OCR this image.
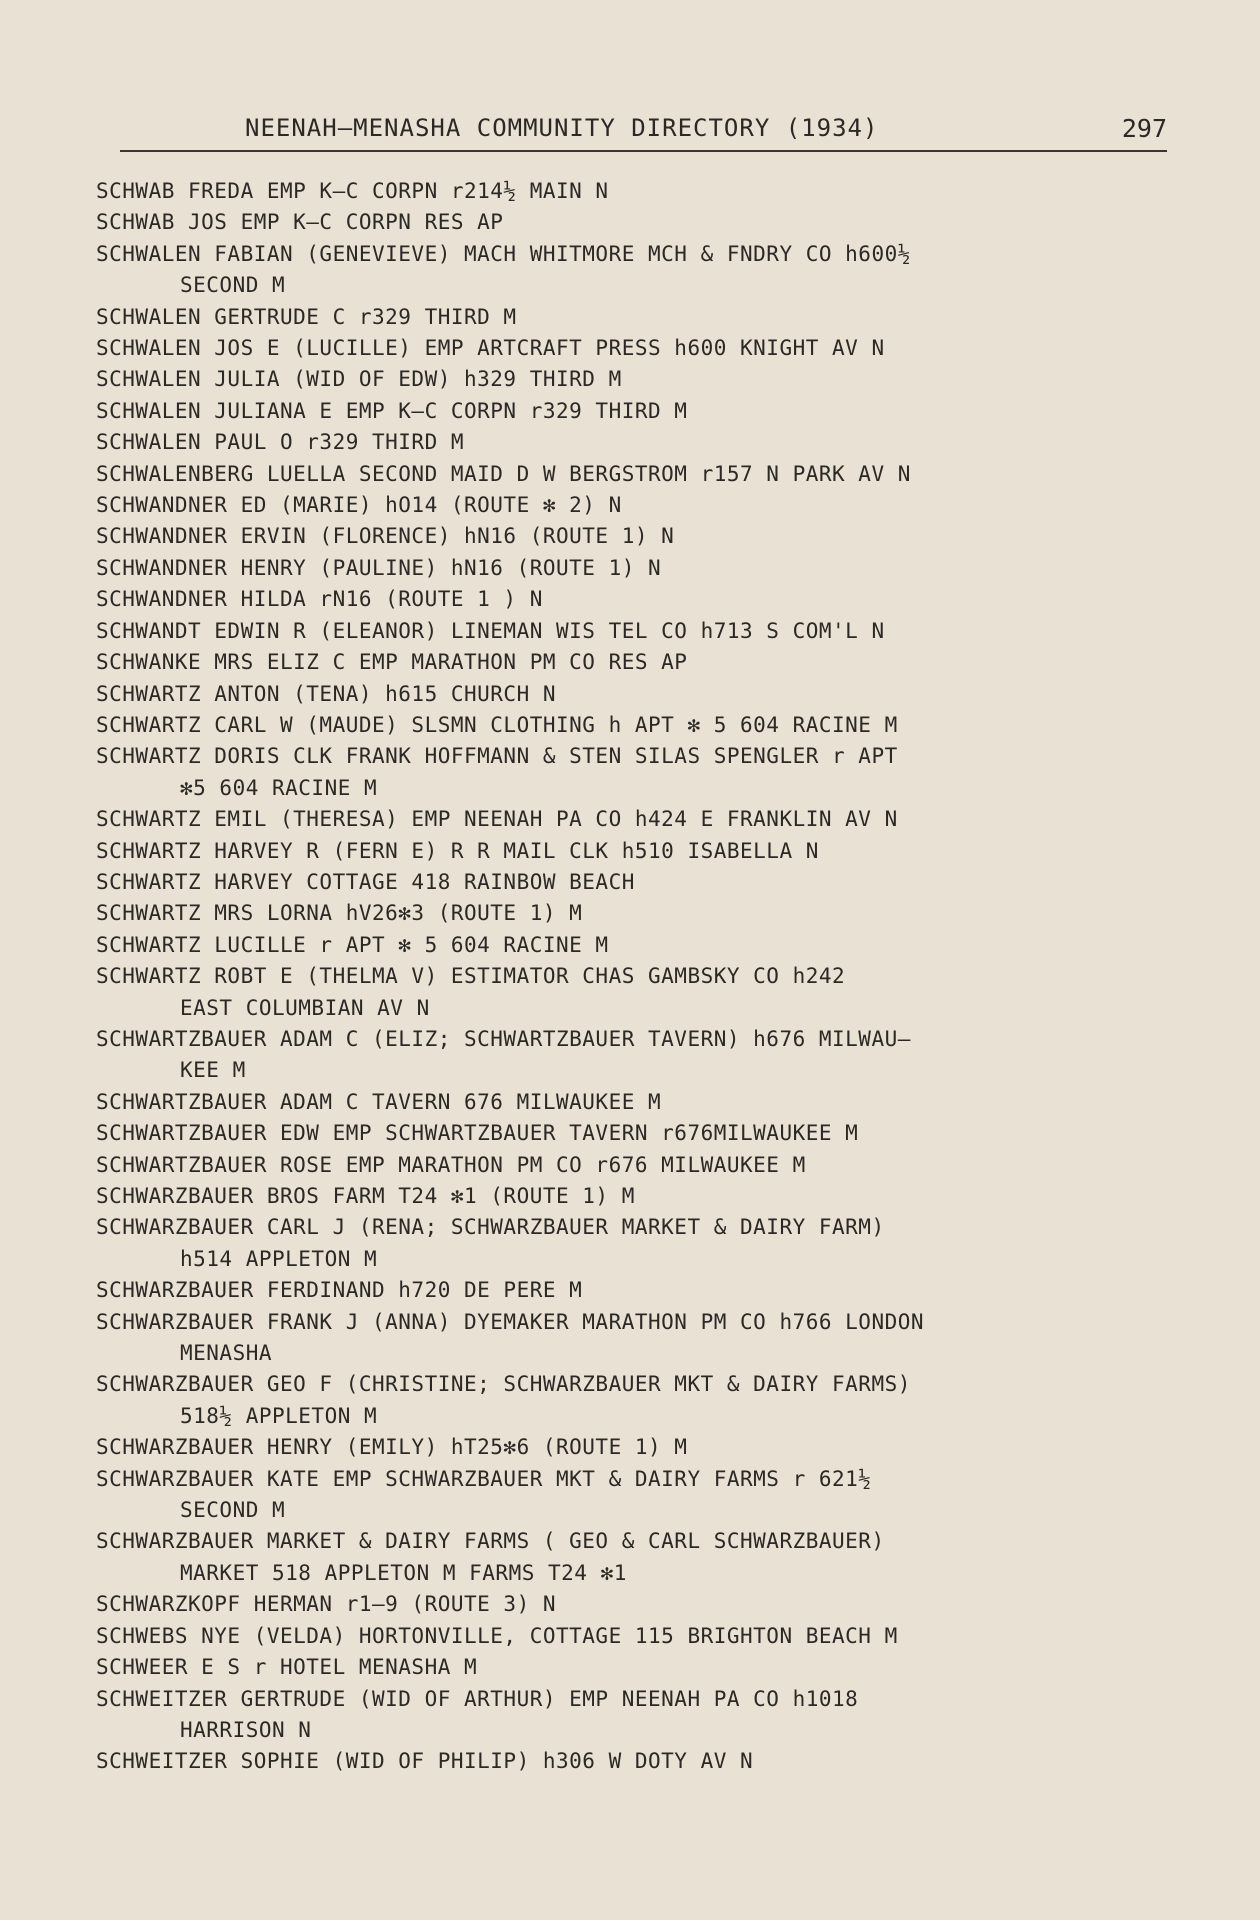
NEENAH—MENASHA COMMUNITY DIRECTORY (1934)	297
SCHWAB FREDA EMP K—C CORPN r214½ MAIN N
SCHWAB JOS EMP K—C CORPN RES AP
SCHWALEN FABIAN (GENEVIEVE) MACH WHITMORE MCH & FNDRY CO h600½
SECOND M
SCHWALEN GERTRUDE C r329 THIRD M
SCHWALEN JOS E (LUCILLE) EMP ARTCRAFT PRESS h600 KNIGHT AV N
SCHWALEN JULIA (WID OF EDW) h329 THIRD M
SCHWALEN JULIANA E EMP K—C CORPN r329 THIRD M
SCHWALEN PAUL O r329 THIRD M
SCHWALENBERG LUELLA SECOND MAID D W BERGSTROM r157 N PARK AV N
SCHWANDNER ED (MARIE) hO14 (ROUTE ✻ 2) N
SCHWANDNER ERVIN (FLORENCE) hN16 (ROUTE 1) N
SCHWANDNER HENRY (PAULINE) hN16 (ROUTE 1) N
SCHWANDNER HILDA rN16 (ROUTE 1 ) N
SCHWANDT EDWIN R (ELEANOR) LINEMAN WIS TEL CO h713 S COM'L N
SCHWANKE MRS ELIZ C EMP MARATHON PM CO RES AP
SCHWARTZ ANTON (TENA) h615 CHURCH N
SCHWARTZ CARL W (MAUDE) SLSMN CLOTHING h APT ✻ 5 604 RACINE M
SCHWARTZ DORIS CLK FRANK HOFFMANN & STEN SILAS SPENGLER r APT
✻5 604 RACINE M
SCHWARTZ EMIL (THERESA) EMP NEENAH PA CO h424 E FRANKLIN AV N
SCHWARTZ HARVEY R (FERN E) R R MAIL CLK h510 ISABELLA N
SCHWARTZ HARVEY COTTAGE 418 RAINBOW BEACH
SCHWARTZ MRS LORNA hV26✻3 (ROUTE 1) M
SCHWARTZ LUCILLE r APT ✻ 5 604 RACINE M
SCHWARTZ ROBT E (THELMA V) ESTIMATOR CHAS GAMBSKY CO h242
EAST COLUMBIAN AV N
SCHWARTZBAUER ADAM C (ELIZ; SCHWARTZBAUER TAVERN) h676 MILWAU—
KEE M
SCHWARTZBAUER ADAM C TAVERN 676 MILWAUKEE M
SCHWARTZBAUER EDW EMP SCHWARTZBAUER TAVERN r676MILWAUKEE M
SCHWARTZBAUER ROSE EMP MARATHON PM CO r676 MILWAUKEE M
SCHWARZBAUER BROS FARM T24 ✻1 (ROUTE 1) M
SCHWARZBAUER CARL J (RENA; SCHWARZBAUER MARKET & DAIRY FARM)
h514 APPLETON M
SCHWARZBAUER FERDINAND h720 DE PERE M
SCHWARZBAUER FRANK J (ANNA) DYEMAKER MARATHON PM CO h766 LONDON
MENASHA
SCHWARZBAUER GEO F (CHRISTINE; SCHWARZBAUER MKT & DAIRY FARMS)
518½ APPLETON M
SCHWARZBAUER HENRY (EMILY) hT25✻6 (ROUTE 1) M
SCHWARZBAUER KATE EMP SCHWARZBAUER MKT & DAIRY FARMS r 621½
SECOND M
SCHWARZBAUER MARKET & DAIRY FARMS ( GEO & CARL SCHWARZBAUER)
MARKET 518 APPLETON M FARMS T24 ✻1
SCHWARZKOPF HERMAN r1—9 (ROUTE 3) N
SCHWEBS NYE (VELDA) HORTONVILLE, COTTAGE 115 BRIGHTON BEACH M
SCHWEER E S r HOTEL MENASHA M
SCHWEITZER GERTRUDE (WID OF ARTHUR) EMP NEENAH PA CO h1018
HARRISON N
SCHWEITZER SOPHIE (WID OF PHILIP) h306 W DOTY AV N
